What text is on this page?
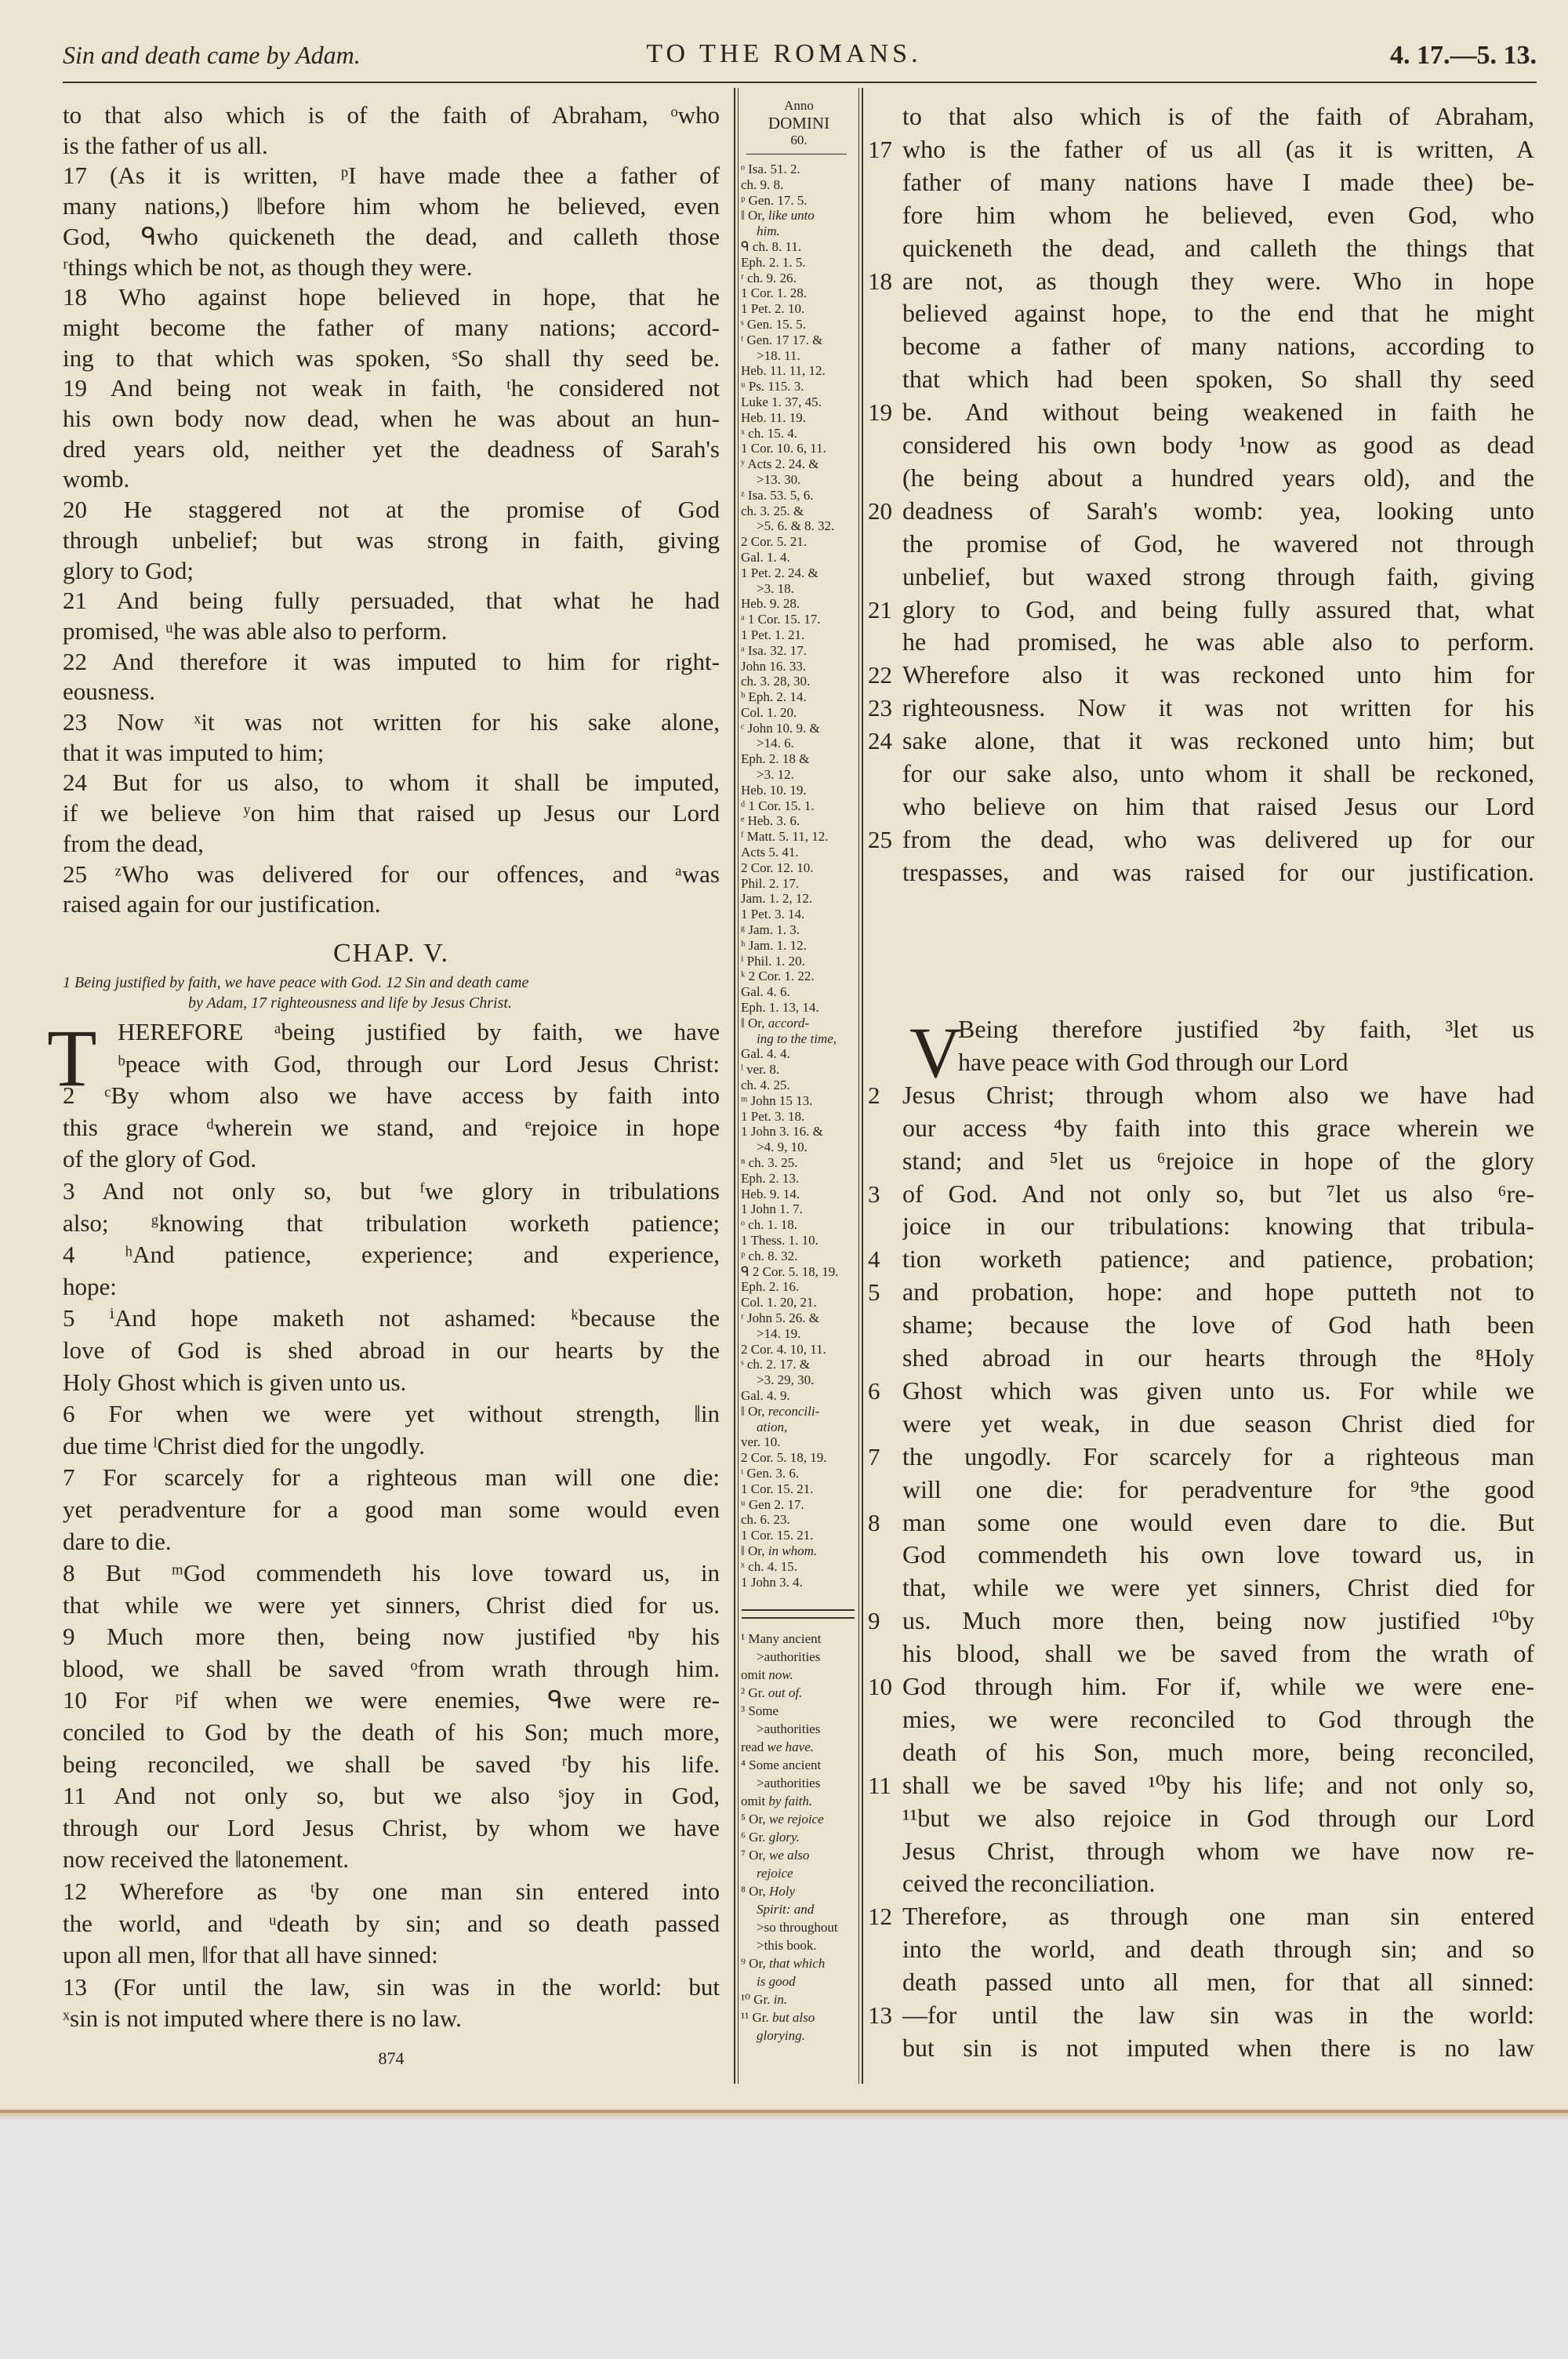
Sin and death came by Adam.	TO THE ROMANS.	4. 17.—5. 13.
to that also which is of the faith of Abraham, ᵒwho
is the father of us all.
17 (As it is written, ᵖI have made thee a father of
many nations,) ‖before him whom he believed, even
God, ᑫwho quickeneth the dead, and calleth those
ʳthings which be not, as though they were.
18 Who against hope believed in hope, that he
might become the father of many nations; accord-
ing to that which was spoken, ˢSo shall thy seed be.
19 And being not weak in faith, ᵗhe considered not
his own body now dead, when he was about an hun-
dred years old, neither yet the deadness of Sarah's
womb.
20 He staggered not at the promise of God
through unbelief; but was strong in faith, giving
glory to God;
21 And being fully persuaded, that what he had
promised, ᵘhe was able also to perform.
22 And therefore it was imputed to him for right-
eousness.
23 Now ˣit was not written for his sake alone,
that it was imputed to him;
24 But for us also, to whom it shall be imputed,
if we believe ʸon him that raised up Jesus our Lord
from the dead,
25 ᶻWho was delivered for our offences, and ᵃwas
raised again for our justification.
CHAP. V.
1 Being justified by faith, we have peace with God. 12 Sin and death came
by Adam, 17 righteousness and life by Jesus Christ.
T HEREFORE ᵃbeing justified by faith, we have
ᵇpeace with God, through our Lord Jesus Christ:
2 ᶜBy whom also we have access by faith into
this grace ᵈwherein we stand, and ᵉrejoice in hope
of the glory of God.
3 And not only so, but ᶠwe glory in tribulations
also; ᵍknowing that tribulation worketh patience;
4 ʰAnd patience, experience; and experience,
hope:
5 ⁱAnd hope maketh not ashamed: ᵏbecause the
love of God is shed abroad in our hearts by the
Holy Ghost which is given unto us.
6 For when we were yet without strength, ‖in
due time ˡChrist died for the ungodly.
7 For scarcely for a righteous man will one die:
yet peradventure for a good man some would even
dare to die.
8 But ᵐGod commendeth his love toward us, in
that while we were yet sinners, Christ died for us.
9 Much more then, being now justified ⁿby his
blood, we shall be saved ᵒfrom wrath through him.
10 For ᵖif when we were enemies, ᑫwe were re-
conciled to God by the death of his Son; much more,
being reconciled, we shall be saved ʳby his life.
11 And not only so, but we also ˢjoy in God,
through our Lord Jesus Christ, by whom we have
now received the ‖atonement.
12 Wherefore as ᵗby one man sin entered into
the world, and ᵘdeath by sin; and so death passed
upon all men, ‖for that all have sinned:
13 (For until the law, sin was in the world: but
ˣsin is not imputed where there is no law.
874
Anno
DOMINI
60.
ᵒ Isa. 51. 2.
ch. 9. 8.
ᵖ Gen. 17. 5.
‖ Or, like unto
him.
ᑫ ch. 8. 11.
Eph. 2. 1. 5.
ʳ ch. 9. 26.
1 Cor. 1. 28.
1 Pet. 2. 10.
ˢ Gen. 15. 5.
ᵗ Gen. 17 17. &
>18. 11.
Heb. 11. 11, 12.
ᵘ Ps. 115. 3.
Luke 1. 37, 45.
Heb. 11. 19.
ˣ ch. 15. 4.
1 Cor. 10. 6, 11.
ʸ Acts 2. 24. &
>13. 30.
ᶻ Isa. 53. 5, 6.
ch. 3. 25. &
>5. 6. & 8. 32.
2 Cor. 5. 21.
Gal. 1. 4.
1 Pet. 2. 24. &
>3. 18.
Heb. 9. 28.
ᵃ 1 Cor. 15. 17.
1 Pet. 1. 21.
ᵃ Isa. 32. 17.
John 16. 33.
ch. 3. 28, 30.
ᵇ Eph. 2. 14.
Col. 1. 20.
ᶜ John 10. 9. &
>14. 6.
Eph. 2. 18 &
>3. 12.
Heb. 10. 19.
ᵈ 1 Cor. 15. 1.
ᵉ Heb. 3. 6.
ᶠ Matt. 5. 11, 12.
Acts 5. 41.
2 Cor. 12. 10.
Phil. 2. 17.
Jam. 1. 2, 12.
1 Pet. 3. 14.
ᵍ Jam. 1. 3.
ʰ Jam. 1. 12.
ⁱ Phil. 1. 20.
ᵏ 2 Cor. 1. 22.
Gal. 4. 6.
Eph. 1. 13, 14.
‖ Or, accord-
ing to the time,
Gal. 4. 4.
ˡ ver. 8.
ch. 4. 25.
ᵐ John 15 13.
1 Pet. 3. 18.
1 John 3. 16. &
>4. 9, 10.
ⁿ ch. 3. 25.
Eph. 2. 13.
Heb. 9. 14.
1 John 1. 7.
ᵒ ch. 1. 18.
1 Thess. 1. 10.
ᵖ ch. 8. 32.
ᑫ 2 Cor. 5. 18, 19.
Eph. 2. 16.
Col. 1. 20, 21.
ʳ John 5. 26. &
>14. 19.
2 Cor. 4. 10, 11.
ˢ ch. 2. 17. &
>3. 29, 30.
Gal. 4. 9.
‖ Or, reconcili-
ation,
ver. 10.
2 Cor. 5. 18, 19.
ᵗ Gen. 3. 6.
1 Cor. 15. 21.
ᵘ Gen 2. 17.
ch. 6. 23.
1 Cor. 15. 21.
‖ Or, in whom.
ˣ ch. 4. 15.
1 John 3. 4.
¹ Many ancient
>authorities
omit now.
² Gr. out of.
³ Some
>authorities
read we have.
⁴ Some ancient
>authorities
omit by faith.
⁵ Or, we rejoice
⁶ Gr. glory.
⁷ Or, we also
rejoice
⁸ Or, Holy
Spirit: and
>so throughout
>this book.
⁹ Or, that which
is good
¹⁰ Gr. in.
¹¹ Gr. but also
glorying.
to that also which is of the faith of Abraham,
17 who is the father of us all (as it is written, A
father of many nations have I made thee) be-
fore him whom he believed, even God, who
quickeneth the dead, and calleth the things that
18 are not, as though they were. Who in hope
believed against hope, to the end that he might
become a father of many nations, according to
that which had been spoken, So shall thy seed
19 be. And without being weakened in faith he
considered his own body ¹now as good as dead
(he being about a hundred years old), and the
20 deadness of Sarah's womb: yea, looking unto
the promise of God, he wavered not through
unbelief, but waxed strong through faith, giving
21 glory to God, and being fully assured that, what
he had promised, he was able also to perform.
22 Wherefore also it was reckoned unto him for
23 righteousness. Now it was not written for his
24 sake alone, that it was reckoned unto him; but
for our sake also, unto whom it shall be reckoned,
who believe on him that raised Jesus our Lord
25 from the dead, who was delivered up for our
trespasses, and was raised for our justification.
V
Being therefore justified ²by faith, ³let us
have peace with God through our Lord
2 Jesus Christ; through whom also we have had
our access ⁴by faith into this grace wherein we
stand; and ⁵let us ⁶rejoice in hope of the glory
3 of God. And not only so, but ⁷let us also ⁶re-
joice in our tribulations: knowing that tribula-
4 tion worketh patience; and patience, probation;
5 and probation, hope: and hope putteth not to
shame; because the love of God hath been
shed abroad in our hearts through the ⁸Holy
6 Ghost which was given unto us. For while we
were yet weak, in due season Christ died for
7 the ungodly. For scarcely for a righteous man
will one die: for peradventure for ⁹the good
8 man some one would even dare to die. But
God commendeth his own love toward us, in
that, while we were yet sinners, Christ died for
9 us. Much more then, being now justified ¹⁰by
his blood, shall we be saved from the wrath of
10 God through him. For if, while we were ene-
mies, we were reconciled to God through the
death of his Son, much more, being reconciled,
11 shall we be saved ¹⁰by his life; and not only so,
¹¹but we also rejoice in God through our Lord
Jesus Christ, through whom we have now re-
ceived the reconciliation.
12 Therefore, as through one man sin entered
into the world, and death through sin; and so
death passed unto all men, for that all sinned:
13 —for until the law sin was in the world:
but sin is not imputed when there is no law
